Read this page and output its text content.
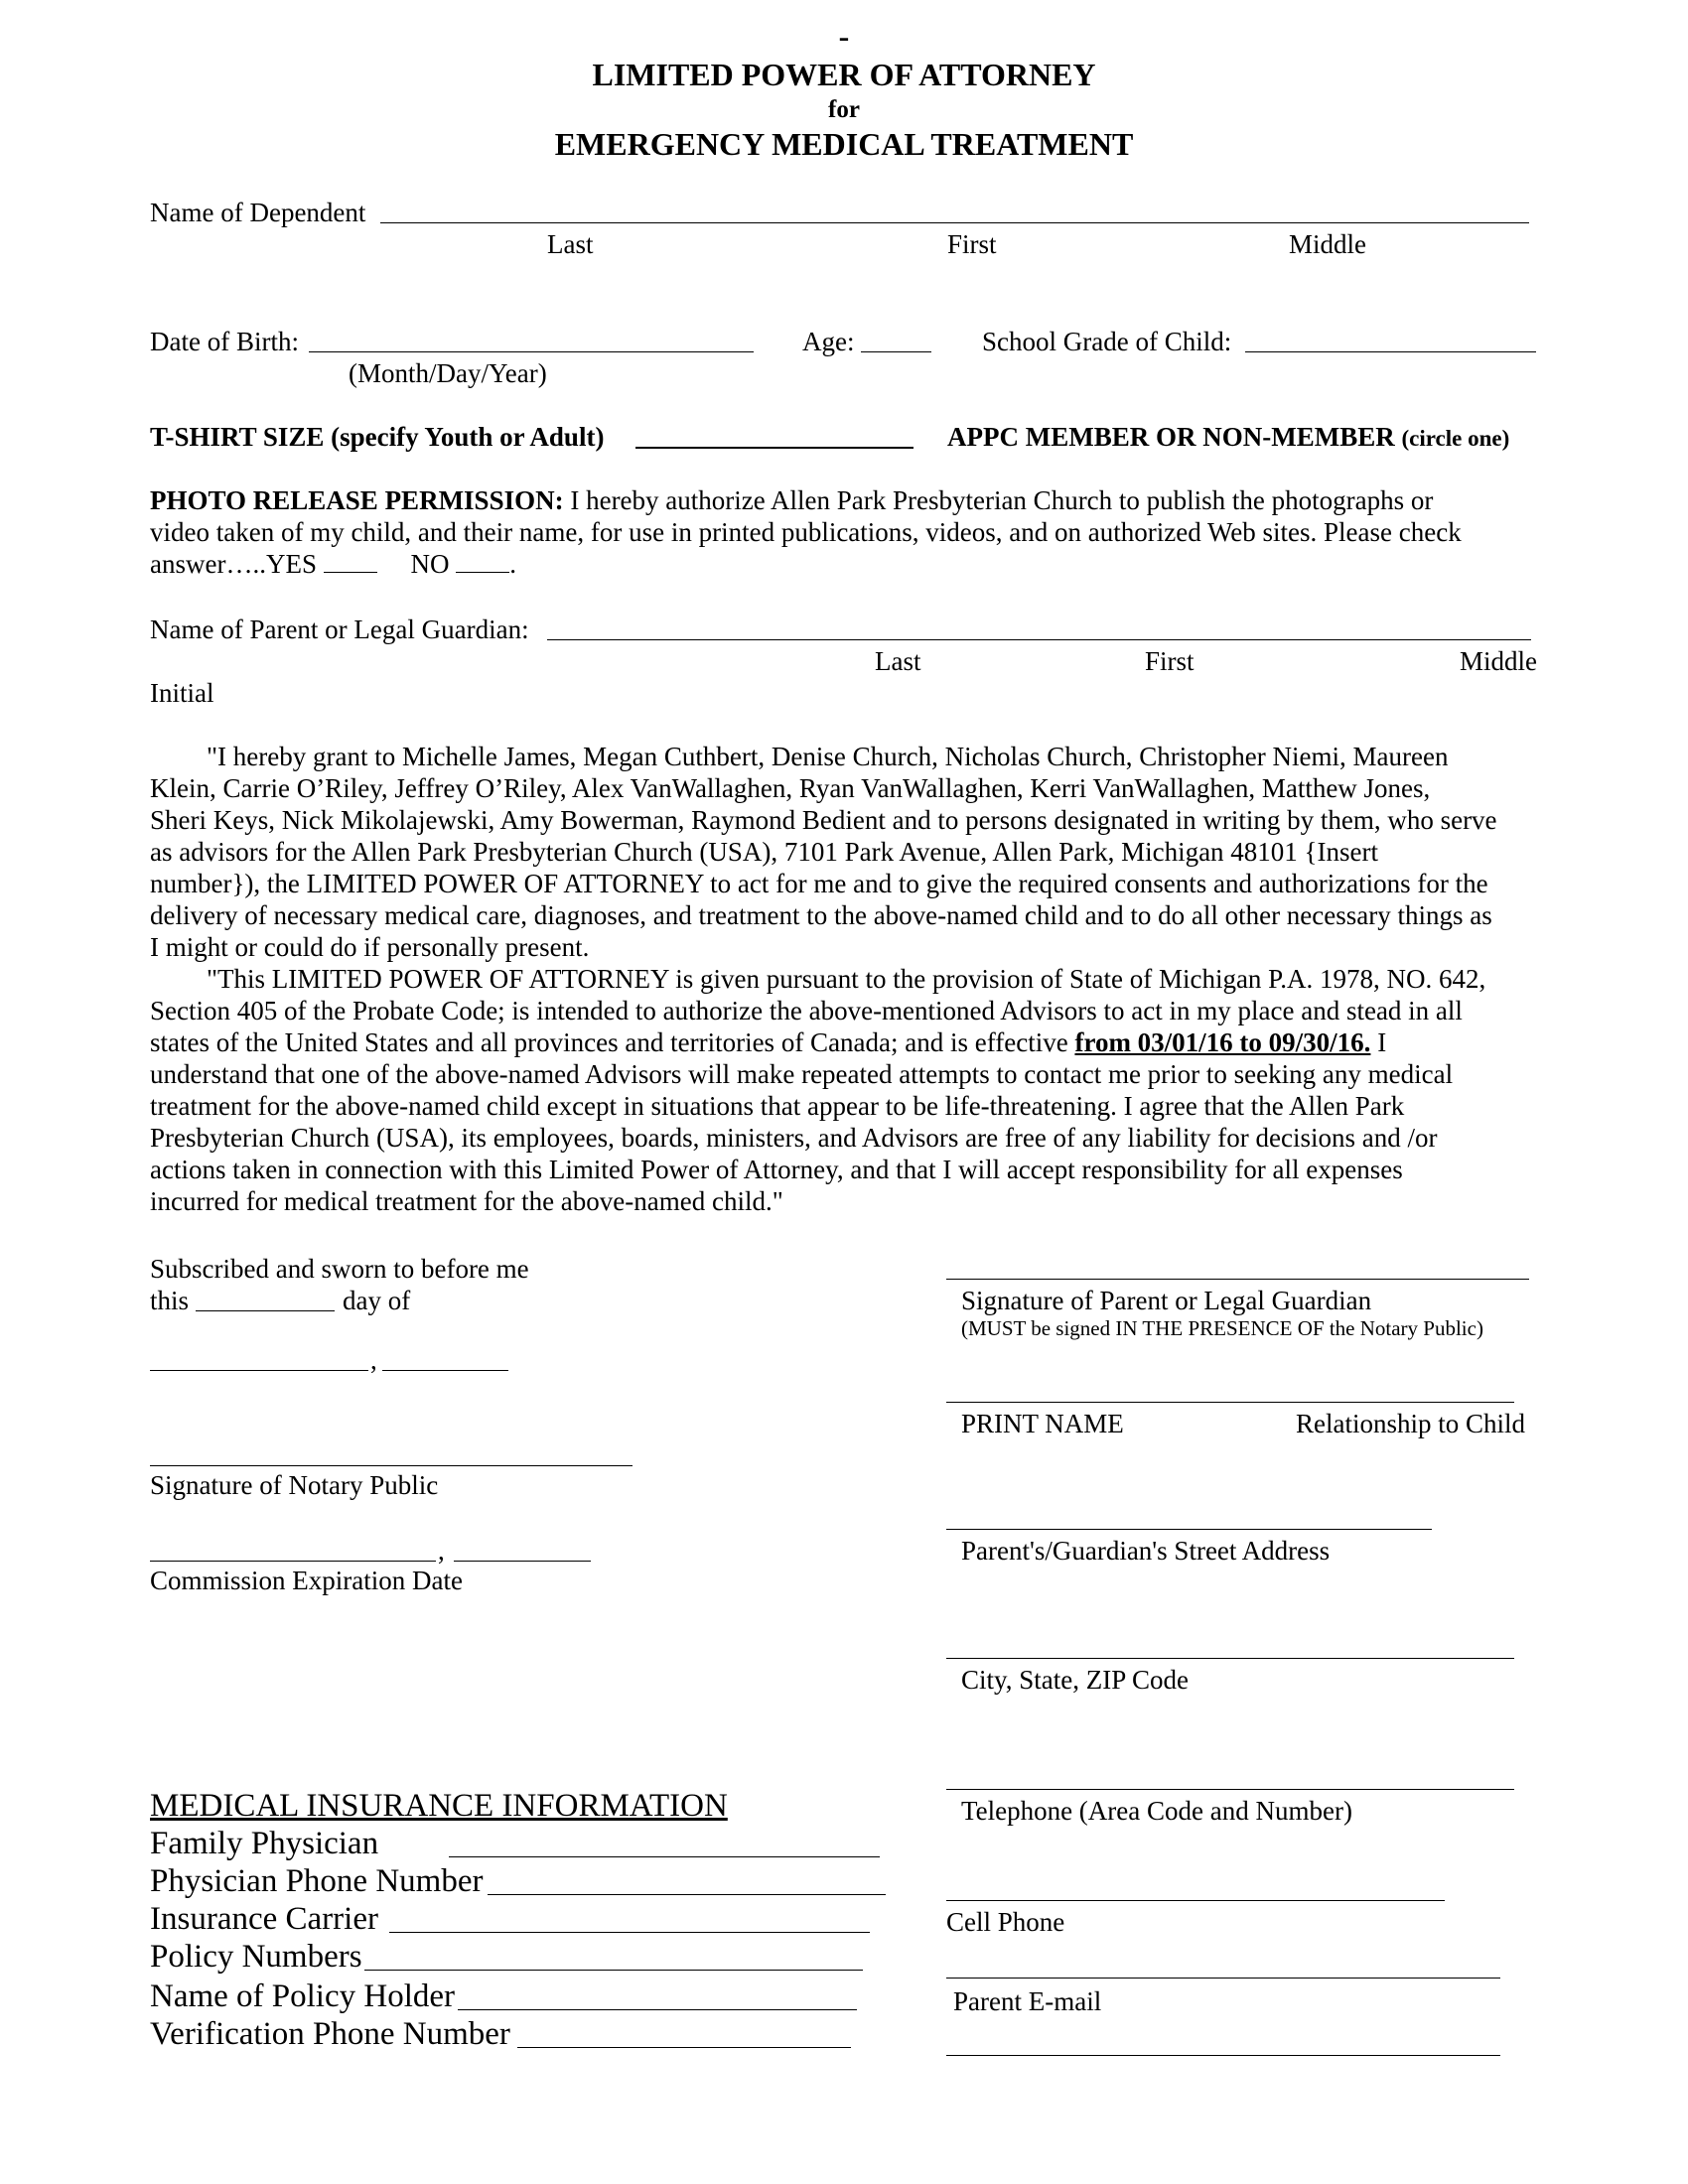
-
LIMITED POWER OF ATTORNEY
for
EMERGENCY MEDICAL TREATMENT
Name of Dependent
Last	First	Middle
Date of Birth:
(Month/Day/Year)
Age:	School Grade of Child:
T-SHIRT SIZE (specify Youth or Adult)	APPC MEMBER OR NON-MEMBER (circle one)

PHOTO RELEASE PERMISSION: I hereby authorize Allen Park Presbyterian Church to publish the photographs or

video taken of my child, and their name, for use in printed publications, videos, and on authorized Web sites. Please check

answer…..YES	NO .

Name of Parent or Legal Guardian:
Last	First	Middle
Initial

"I hereby grant to Michelle James, Megan Cuthbert, Denise Church, Nicholas Church, Christopher Niemi, Maureen

Klein, Carrie O’Riley, Jeffrey O’Riley, Alex VanWallaghen, Ryan VanWallaghen, Kerri VanWallaghen, Matthew Jones,

Sheri Keys, Nick Mikolajewski, Amy Bowerman, Raymond Bedient and to persons designated in writing by them, who serve

as advisors for the Allen Park Presbyterian Church (USA), 7101 Park Avenue, Allen Park, Michigan 48101 {Insert

number}), the LIMITED POWER OF ATTORNEY to act for me and to give the required consents and authorizations for the

delivery of necessary medical care, diagnoses, and treatment to the above-named child and to do all other necessary things as

I might or could do if personally present.

"This LIMITED POWER OF ATTORNEY is given pursuant to the provision of State of Michigan P.A. 1978, NO. 642,

Section 405 of the Probate Code; is intended to authorize the above-mentioned Advisors to act in my place and stead in all

states of the United States and all provinces and territories of Canada; and is effective from 03/01/16 to 09/30/16. I

understand that one of the above-named Advisors will make repeated attempts to contact me prior to seeking any medical

treatment for the above-named child except in situations that appear to be life-threatening. I agree that the Allen Park

Presbyterian Church (USA), its employees, boards, ministers, and Advisors are free of any liability for decisions and /or

actions taken in connection with this Limited Power of Attorney, and that I will accept responsibility for all expenses

incurred for medical treatment for the above-named child."

Subscribed and sworn to before me
this	day of
,
Signature of Notary Public
,
Commission Expiration Date
Signature of Parent or Legal Guardian
(MUST be signed IN THE PRESENCE OF the Notary Public)
PRINT NAME	Relationship to Child
Parent's/Guardian's Street Address
City, State, ZIP Code
Telephone (Area Code and Number)
Cell Phone
Parent E-mail
MEDICAL INSURANCE INFORMATION
Family Physician
Physician Phone Number
Insurance Carrier
Policy Numbers
Name of Policy Holder
Verification Phone Number
